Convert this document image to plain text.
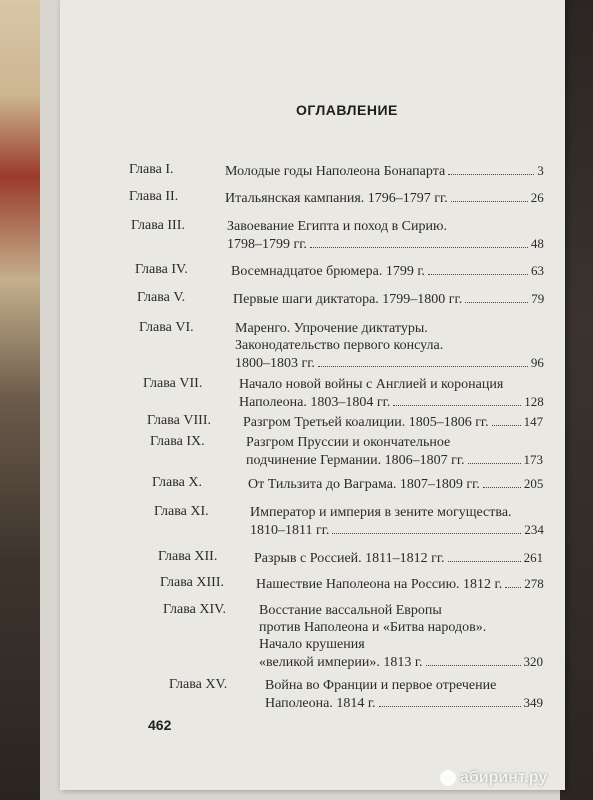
ОГЛАВЛЕНИЕ
Глава I.	Молодые годы Наполеона Бонапарта	3
Глава II.	Итальянская кампания. 1796–1797 гг.	26
Глава III.	Завоевание Египта и поход в Сирию.
1798–1799 гг.	48
Глава IV.	Восемнадцатое брюмера. 1799 г.	63
Глава V.	Первые шаги диктатора. 1799–1800 гг.	79
Глава VI.	Маренго. Упрочение диктатуры.
Законодательство первого консула.
1800–1803 гг.	96
Глава VII.	Начало новой войны с Англией и коронация
Наполеона. 1803–1804 гг.	128
Глава VIII.	Разгром Третьей коалиции. 1805–1806 гг.	147
Глава IX.	Разгром Пруссии и окончательное
подчинение Германии. 1806–1807 гг.	173
Глава X.	От Тильзита до Ваграма. 1807–1809 гг.	205
Глава XI.	Император и империя в зените могущества.
1810–1811 гг.	234
Глава XII.	Разрыв с Россией. 1811–1812 гг.	261
Глава XIII.	Нашествие Наполеона на Россию. 1812 г. 278
Глава XIV.	Восстание вассальной Европы
против Наполеона и «Битва народов».
Начало крушения
«великой империи». 1813 г.	320
Глава XV.	Война во Франции и первое отречение
Наполеона. 1814 г.	349
462
абиринт.ру
